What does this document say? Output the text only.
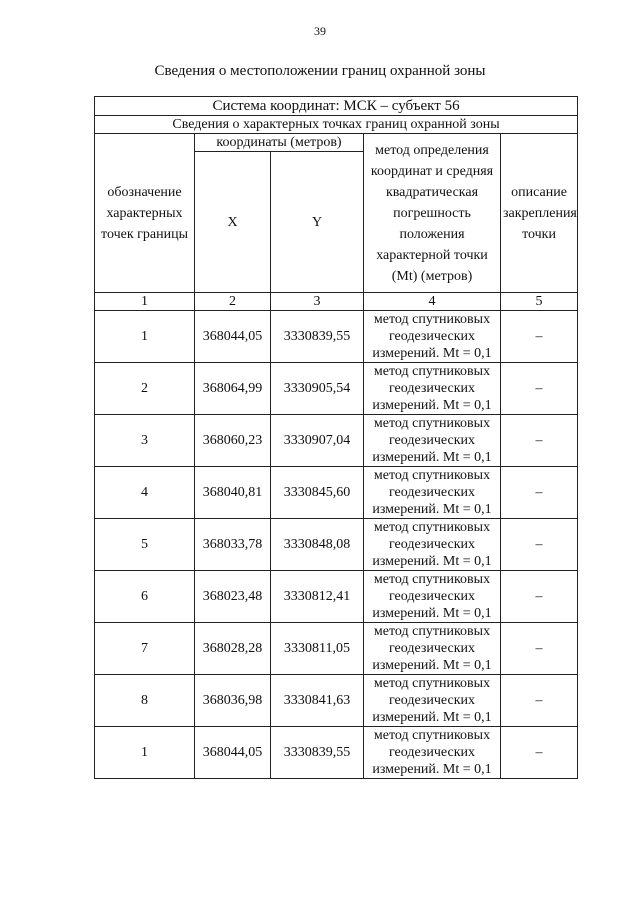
39
Сведения о местоположении границ охранной зоны
Система координат: МСК – субъект 56				
Сведения о характерных точках границ охранной зоны				
обозначение характерных точек границы	координаты (метров)		метод определения координат и средняя квадратическая погрешность положения характерной точки (Mt) (метров)	описание закрепления точки
	X	Y		
1	2	3	4	5
1	368044,05	3330839,55	метод спутниковых геодезических измерений. Mt = 0,1	–
2	368064,99	3330905,54	метод спутниковых геодезических измерений. Mt = 0,1	–
3	368060,23	3330907,04	метод спутниковых геодезических измерений. Mt = 0,1	–
4	368040,81	3330845,60	метод спутниковых геодезических измерений. Mt = 0,1	–
5	368033,78	3330848,08	метод спутниковых геодезических измерений. Mt = 0,1	–
6	368023,48	3330812,41	метод спутниковых геодезических измерений. Mt = 0,1	–
7	368028,28	3330811,05	метод спутниковых геодезических измерений. Mt = 0,1	–
8	368036,98	3330841,63	метод спутниковых геодезических измерений. Mt = 0,1	–
1	368044,05	3330839,55	метод спутниковых геодезических измерений. Mt = 0,1	–
